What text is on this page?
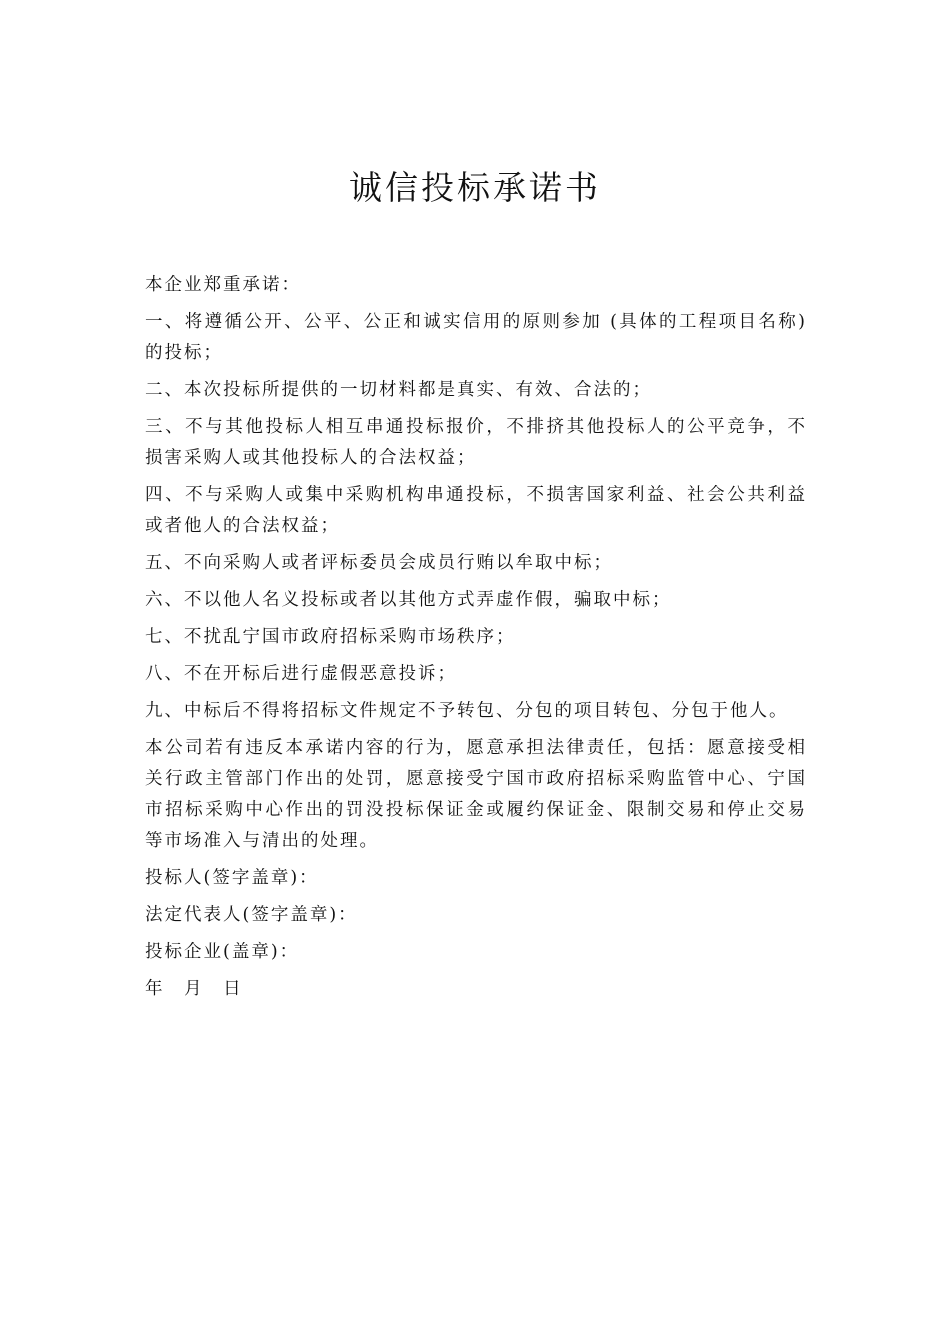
诚信投标承诺书

本企业郑重承诺：

一、将遵循公开、公平、公正和诚实信用的原则参加 (具体的工程项目名称)的投标；

二、本次投标所提供的一切材料都是真实、有效、合法的；

三、不与其他投标人相互串通投标报价，不排挤其他投标人的公平竞争，不损害采购人或其他投标人的合法权益；

四、不与采购人或集中采购机构串通投标，不损害国家利益、社会公共利益或者他人的合法权益；

五、不向采购人或者评标委员会成员行贿以牟取中标；

六、不以他人名义投标或者以其他方式弄虚作假，骗取中标；

七、不扰乱宁国市政府招标采购市场秩序；

八、不在开标后进行虚假恶意投诉；

九、中标后不得将招标文件规定不予转包、分包的项目转包、分包于他人。

本公司若有违反本承诺内容的行为，愿意承担法律责任，包括：愿意接受相关行政主管部门作出的处罚，愿意接受宁国市政府招标采购监管中心、宁国市招标采购中心作出的罚没投标保证金或履约保证金、限制交易和停止交易等市场准入与清出的处理。

投标人(签字盖章)：

法定代表人(签字盖章)：

投标企业(盖章)：

年 月 日
